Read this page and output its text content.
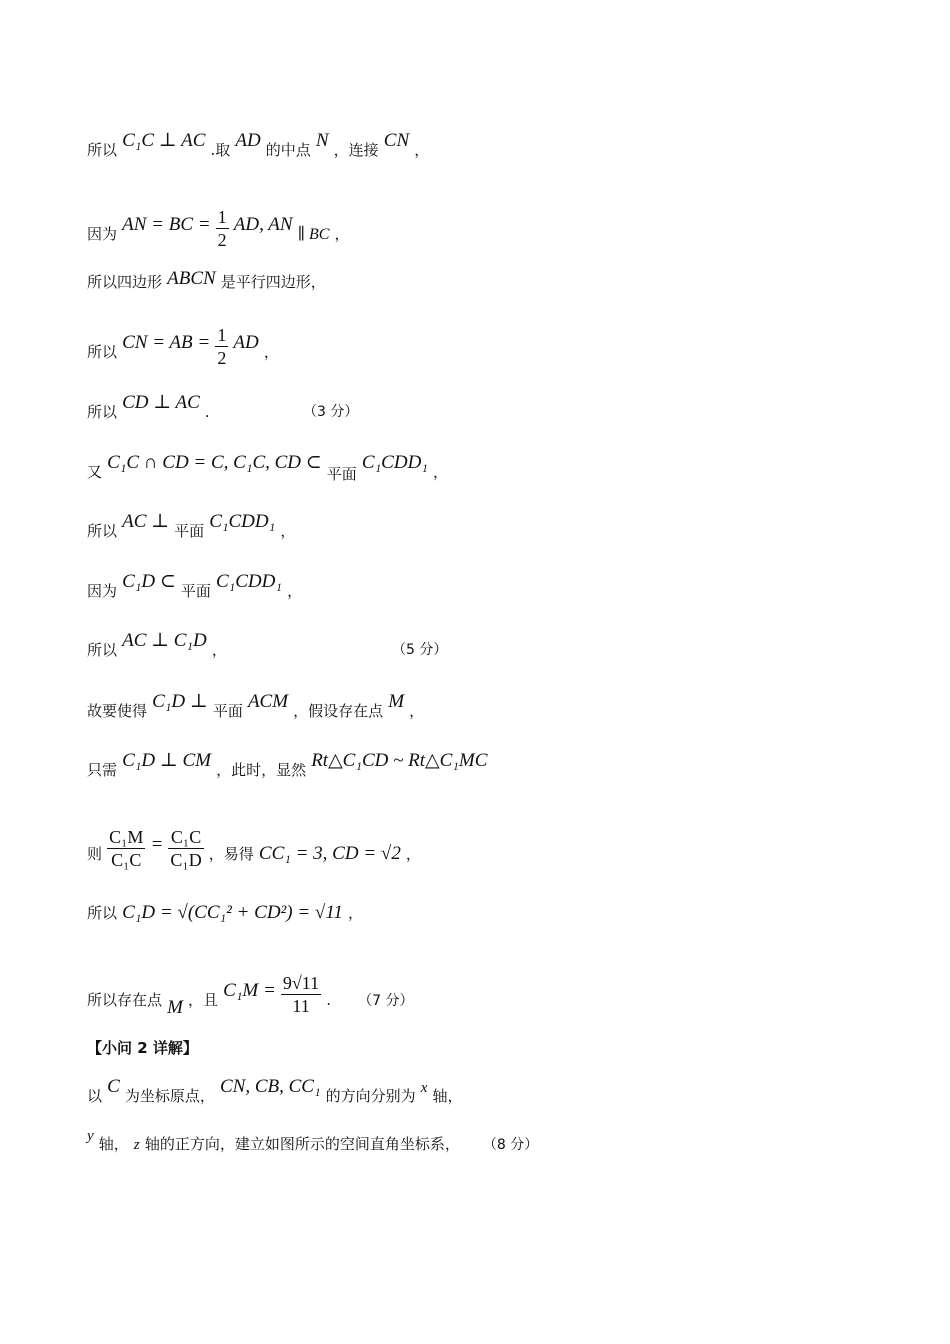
所以 C₁C ⊥ AC .取 AD 的中点 N ，连接 CN ，
因为 AN = BC = $\frac{1}{2}$ AD, AN ∥ BC ，
所以四边形 ABCN 是平行四边形，
所以 CN = AB = $\frac{1}{2}$ AD ，
所以 CD ⊥ AC .	（3 分）
又 C₁C ∩ CD = C, C₁C, CD ⊂ 平面 C₁CDD₁ ，
所以 AC ⊥ 平面 C₁CDD₁ ，
因为 C₁D ⊂ 平面 C₁CDD₁ ，
所以 AC ⊥ C₁D ，	（5 分）
故要使得 C₁D ⊥ 平面 ACM ，假设存在点 M ，
只需 C₁D ⊥ CM ，此时，显然 Rt△C₁CD ~ Rt△C₁MC
则 $\frac{\text{C₁M}}{\text{C₁C}} = \frac{\text{C₁C}}{\text{C₁D}}$ ，易得 CC₁ = 3, CD = √2 ，
所以 C₁D = √(CC₁² + CD²) = √11 ，
所以存在点 M ，且 $C_1M = \frac{9√11}{11}$ . （7 分）
【小问 2 详解】
以 C 为坐标原点， CN, CB, CC₁ 的方向分别为 x 轴，
y 轴， z 轴的正方向，建立如图所示的空间直角坐标系， （8 分）
